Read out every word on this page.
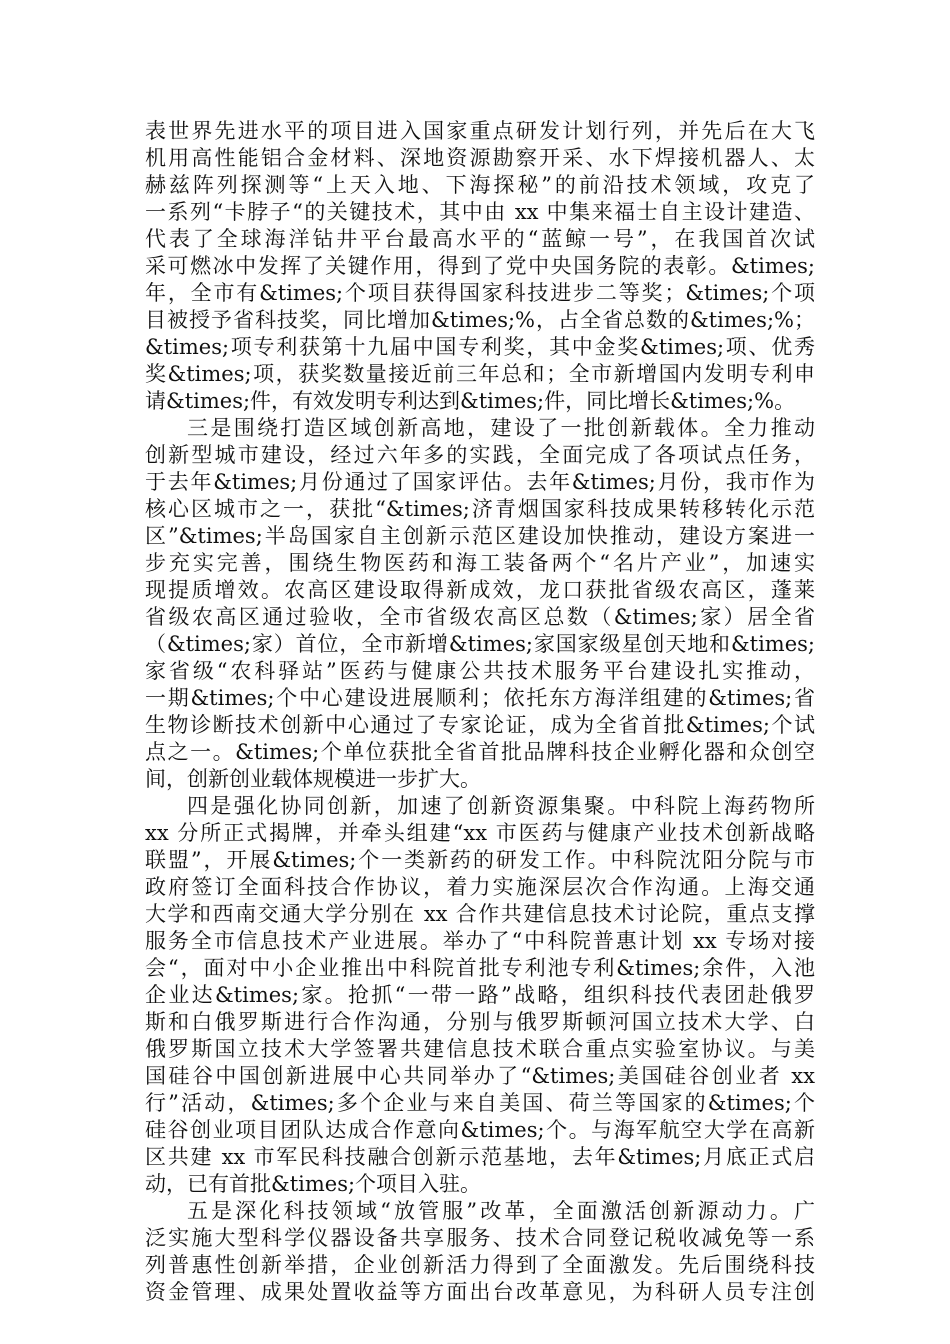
表世界先进水平的项目进入国家重点研发计划行列，并先后在大飞
机用高性能铝合金材料、深地资源勘察开采、水下焊接机器人、太
赫兹阵列探测等“上天入地、下海探秘”的前沿技术领域，攻克了
一系列“卡脖子“的关键技术，其中由 xx 中集来福士自主设计建造、
代表了全球海洋钻井平台最高水平的“蓝鲸一号”，在我国首次试
采可燃冰中发挥了关键作用，得到了党中央国务院的表彰。&times;
年，全市有&times;个项目获得国家科技进步二等奖；&times;个项
目被授予省科技奖，同比增加&times;%，占全省总数的&times;%；
&times;项专利获第十九届中国专利奖，其中金奖&times;项、优秀
奖&times;项，获奖数量接近前三年总和；全市新增国内发明专利申
请&times;件，有效发明专利达到&times;件，同比增长&times;%。
三是围绕打造区域创新高地，建设了一批创新载体。全力推动
创新型城市建设，经过六年多的实践，全面完成了各项试点任务，
于去年&times;月份通过了国家评估。去年&times;月份，我市作为
核心区城市之一，获批“&times;济青烟国家科技成果转移转化示范
区”&times;半岛国家自主创新示范区建设加快推动，建设方案进一
步充实完善，围绕生物医药和海工装备两个“名片产业”，加速实
现提质增效。农高区建设取得新成效，龙口获批省级农高区，蓬莱
省级农高区通过验收，全市省级农高区总数（&times;家）居全省
（&times;家）首位，全市新增&times;家国家级星创天地和&times;
家省级“农科驿站”医药与健康公共技术服务平台建设扎实推动，
一期&times;个中心建设进展顺利；依托东方海洋组建的&times;省
生物诊断技术创新中心通过了专家论证，成为全省首批&times;个试
点之一。&times;个单位获批全省首批品牌科技企业孵化器和众创空
间，创新创业载体规模进一步扩大。
四是强化协同创新，加速了创新资源集聚。中科院上海药物所
xx 分所正式揭牌，并牵头组建“xx 市医药与健康产业技术创新战略
联盟”，开展&times;个一类新药的研发工作。中科院沈阳分院与市
政府签订全面科技合作协议，着力实施深层次合作沟通。上海交通
大学和西南交通大学分别在 xx 合作共建信息技术讨论院，重点支撑
服务全市信息技术产业进展。举办了“中科院普惠计划 xx 专场对接
会“，面对中小企业推出中科院首批专利池专利&times;余件，入池
企业达&times;家。抢抓“一带一路”战略，组织科技代表团赴俄罗
斯和白俄罗斯进行合作沟通，分别与俄罗斯顿河国立技术大学、白
俄罗斯国立技术大学签署共建信息技术联合重点实验室协议。与美
国硅谷中国创新进展中心共同举办了“&times;美国硅谷创业者 xx
行”活动，&times;多个企业与来自美国、荷兰等国家的&times;个
硅谷创业项目团队达成合作意向&times;个。与海军航空大学在高新
区共建 xx 市军民科技融合创新示范基地，去年&times;月底正式启
动，已有首批&times;个项目入驻。
五是深化科技领域“放管服”改革，全面激活创新源动力。广
泛实施大型科学仪器设备共享服务、技术合同登记税收减免等一系
列普惠性创新举措，企业创新活力得到了全面激发。先后围绕科技
资金管理、成果处置收益等方面出台改革意见，为科研人员专注创
